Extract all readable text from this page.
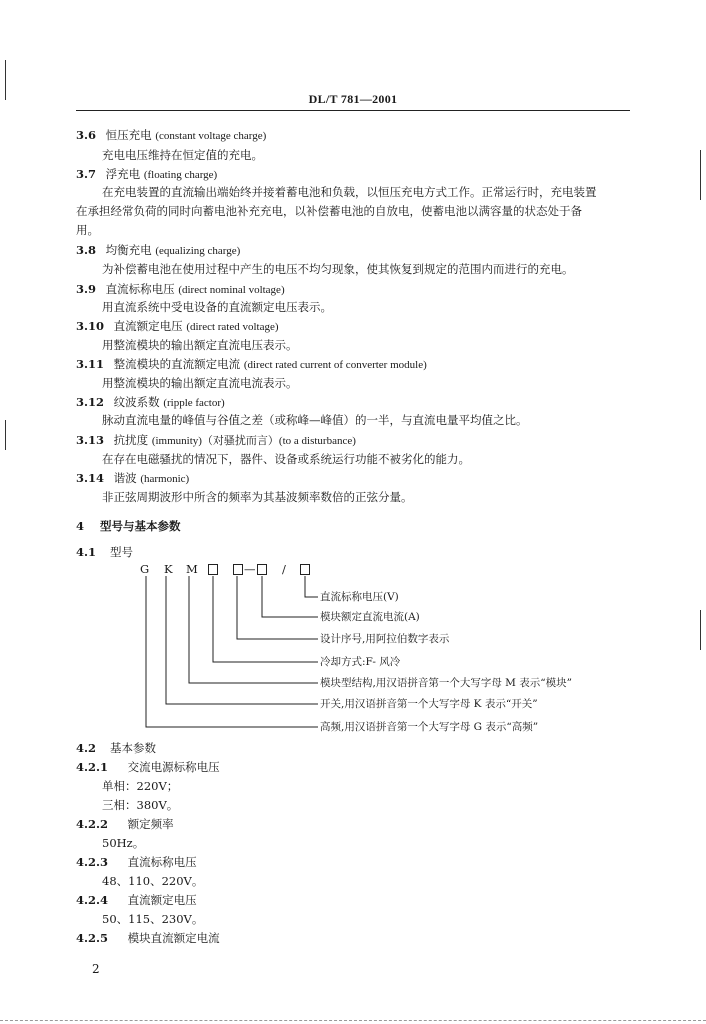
DL/T 781—2001
3.6 恒压充电 (constant voltage charge)
充电电压维持在恒定值的充电。
3.7 浮充电 (floating charge)
在充电装置的直流输出端始终并接着蓄电池和负载，以恒压充电方式工作。正常运行时，充电装置
在承担经常负荷的同时向蓄电池补充充电，以补偿蓄电池的自放电，使蓄电池以满容量的状态处于备
用。
3.8 均衡充电 (equalizing charge)
为补偿蓄电池在使用过程中产生的电压不均匀现象，使其恢复到规定的范围内而进行的充电。
3.9 直流标称电压 (direct nominal voltage)
用直流系统中受电设备的直流额定电压表示。
3.10 直流额定电压 (direct rated voltage)
用整流模块的输出额定直流电压表示。
3.11 整流模块的直流额定电流 (direct rated current of converter module)
用整流模块的输出额定直流电流表示。
3.12 纹波系数 (ripple factor)
脉动直流电量的峰值与谷值之差（或称峰—峰值）的一半，与直流电量平均值之比。
3.13 抗扰度 (immunity)（对骚扰而言）(to a disturbance)
在存在电磁骚扰的情况下，器件、设备或系统运行功能不被劣化的能力。
3.14 谐波 (harmonic)
非正弦周期波形中所含的频率为其基波频率数倍的正弦分量。
4 型号与基本参数
4.1 型号
G K M	— /
直流标称电压(V)
模块额定直流电流(A)
设计序号,用阿拉伯数字表示
冷却方式:F- 风冷
模块型结构,用汉语拼音第一个大写字母 M 表示“模块”
开关,用汉语拼音第一个大写字母 K 表示“开关”
高频,用汉语拼音第一个大写字母 G 表示“高频”
4.2 基本参数
4.2.1 交流电源标称电压
单相：220V；
三相：380V。
4.2.2 额定频率
50Hz。
4.2.3 直流标称电压
48、110、220V。
4.2.4 直流额定电压
50、115、230V。
4.2.5 模块直流额定电流
2
